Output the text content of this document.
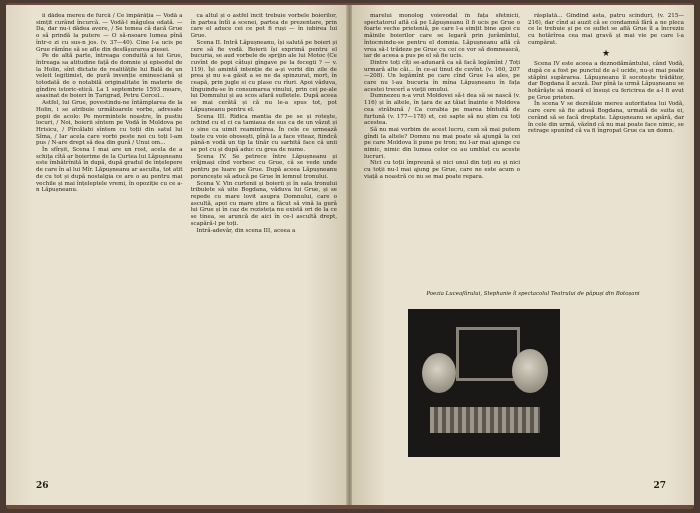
ii dădea mereu de furcă / Ce împărăția — Vodă a simțit curând încurcă. — Vodă-l măgulea odată. — Da, dar nu-i dădea avere, / Se temea că dacă Grue o să prindă la putere — O să-nsoare lumea pînă într-o zi cu sus-n jos. (v. 37—40). Cine l-a ucis pe Grue rămîne să se afle din desfășurarea piesei.

Pe de altă parte, întreaga conduită a lui Grue, întreaga sa atitudine față de domnie și episodul de la Holin, sînt dictate de realitățile lui Bală de un veleit legitimist, de pură invenție eminesciană și totodată de o notabilă originalitate în materie de gîndire istoric-etică. La 1 septembrie 1593 moare, asasinat de boieri în Țarigrad, Petru Cercel...

Astfel, lui Grue, povestindu-ne întâmplarea de la Holin, i se atribuie următoarele vorbe, adresate popii de acolo: Pe mormintele noastre, în pustiu locuri, / Noi, boierii sîntem pe Vodă în Moldova pe Hrisicu, / Pîrcălabi sîntem cu toții din satul lui Sîma, / Iar acela care vorbi peste noi cu toți l-am pus / N-are drept să dea din gură / Unui om...

În sfîrșit, Scena I mai are un rost, acela de a schița cîtă ar boierime de la Curtea lui Lăpușneanu este îmbătrînită în după, după gradul de înțelepere de care în al lui Mîr. Lăpușneanu ar asculta, tot atit de cu tot și după nostalgia ce are o au pentru mai vechile și mai înțeleptele vremi, în opoziție cu ce a-n Lăpușneanu.

ca altul și o astfel încît trebuie vorbele boierilor, în partea întîi a scenei, partea de prezentare, prin care el aduce cei ce pot fi ruși — în iubirea lui Grue.

Scena II. Intră Lăpușneanu, își salută pe boieri și cere să fie vodă. Boierii își exprimă pentru el bucuria, se aud vorbele de sprijin ale lui Motoc (Ce cuvînt de popi câtuși gîngave pe la fecegii ? — v. 119). Își amintă intenție de a-și vorbi din zile de prea și nu s-a găsit a se ne da spinzurat, mort, în ceapă, prin jugle si cu plase cu rîuri. Apoi văduva, tînguindu-se în consumarea vinului, prin cei pe-ale lui Domnului și au scos afară sufletele. După aceea se mai cerătă și că nu le-a spus tot, pot Lăpușneanu pentru el.

Scena III. Ridica mantia de pe se și rotește, ochind cu el ci ca tamiaua de sus ca de un văzut și o sine ca uimit reamintirea. În cele ce urmează toate cu voie obosești, pînă la a face viteaz, fiindcă până-n vodă un tip la tînăr cu sarbită face că unii se pot cu și după aduc cu grea de nume.

Scena IV. Se petrece între Lăpușneanu și vrăjmași cînd vorbesc cu Grue, că se vede unde pentru pe luare pe Grue. După aceea Lăpușneanu poruncește să aducă pe Grue în lemnul tronului.

Scena V. Vin curtenii și boierii și în sala tronului tribulete să uite Bogdana, văduva lui Grue, și se repede cu mare lovit asupra Domnului, care o ascultă, apoi cu mare știre a făcut să vină la gură lui Grue și în caz de rezisteța nu există ori de la ce se tinea, se aruncă de aici în ce-l ascultă drept, scapără-l pe toți.

Intră-adevăr, din scena III, aceea a

26

marelui monolog voievodal în fața sfetnicii, spectatorul află că pe Lăpușneanu îl fi ucis pe Grue o foarte veche prieteniă, pe care l-a simțit bine apoi cu mâinile boierilor care se legară prin jurămîntul, întocmindu-se pentru el domnia. Lăpușneanu află că vrea să-l trădeze pe Grue cu cei ce vor să domnească, iar de aceea a pus pe el să fie ucis.

Dintre toți cîți se-adunară ca să facă legămînt / Toți urmară alte căi... în ce-ai tinut de cuvînt. (v. 160, 207—208). Un legămînt pe care cînd Grue l-a ales, pe care nu l-au bucuria în mîna Lăpușneanu în fața acestei trecerî a vieții omului.

Dumnezeu n-a vrut Moldovei să-i dea să se nască (v. 116) și în altele, în țara de az tăiat înainte e Moldova cea străbună / Ca corabia pe marea bîntuită de furtună (v. 177—178) et, cei sapte să nu știm cu toți acestea.

Să nu mai vorbim de acest lucru, cum să mai putem gîndi la altele? Domnu nu mai poate să ajungă la cei pe care Moldova îi pune pe tron; nu l-ar mai ajunge cu nimic, nimic din lumea celor ce au umblat cu aceste lucruri.

Nici cu toții împreună și nici unul din toți eu și nici cu toții nu-l mai ajung pe Grue, care ne este acum o viață a noastră ce nu se mai poate repara.

răsplată... Gîndind asta, patru scînduri, (v. 215—216), dar cînd ai auzit că se condamnă fără a ne pleca ce le trebuie și pe ce suflet se află Grue îl a încreziu cu hotărîrea cea mai gravă și mai vie pe care l-a cumpărat.

★

Scena IV este aceea a deznodământului, când Vodă, după ce a fost pe punctul de a-l ucide, nu-și mai poate stăpîni supărarea. Lăpușneanu îl socotește trădător, dar Bogdana îl acuză. Dar pînă la urmă Lăpușneanu se hotărăște să moară el însuși cu fericirea de a-l fi avut pe Grue prieten.

În scena V se dezvăluie mereu autoritatea lui Vodă, care cere să fie adusă Bogdana, urmată de suita ei, cerând să se facă dreptate. Lăpușneanu se apără, dar în cele din urmă, văzînd că nu mai poate face nimic, se retrage spunînd că va fi îngropat Grue ca un domn.

Poezia Luceafărului, Stephanie îl spectacolul Teatrului de păpuși din Botoșani
27
